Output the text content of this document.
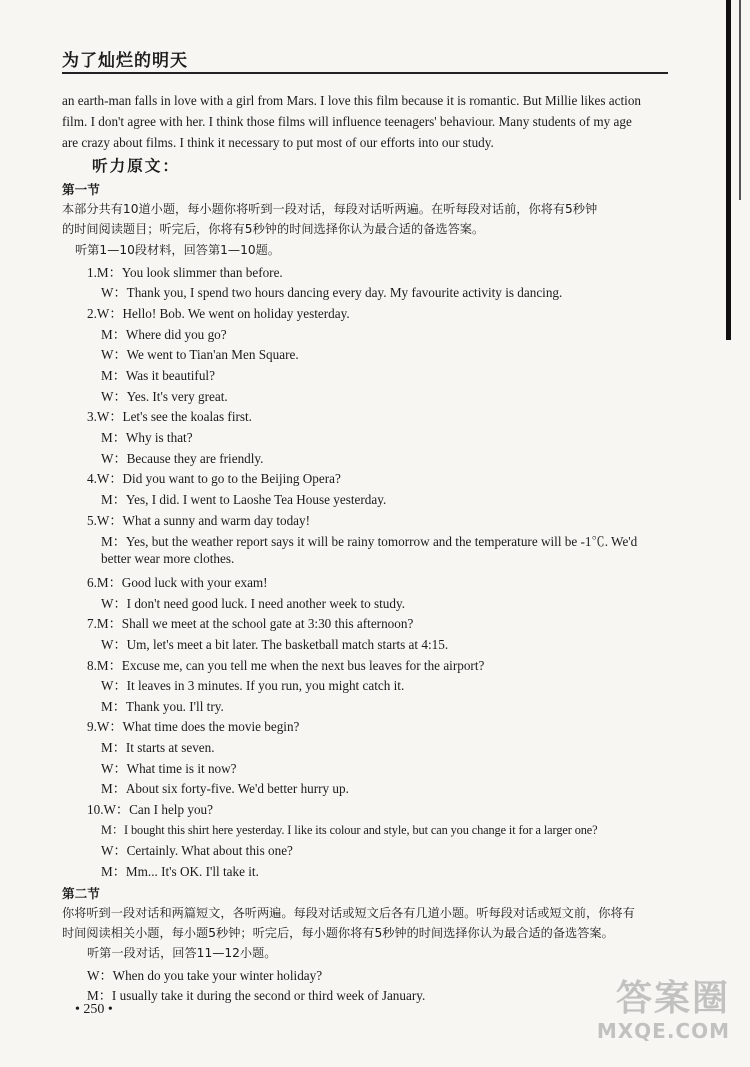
为了灿烂的明天
an earth-man falls in love with a girl from Mars. I love this film because it is romantic. But Millie likes action
film. I don't agree with her. I think those films will influence teenagers' behaviour. Many students of my age
are crazy about films. I think it necessary to put most of our efforts into our study.
听力原文：
第一节
本部分共有10道小题，每小题你将听到一段对话，每段对话听两遍。在听每段对话前，你将有5秒钟
的时间阅读题目；听完后，你将有5秒钟的时间选择你认为最合适的备选答案。
听第1—10段材料，回答第1—10题。
1.M：You look slimmer than before.
W：Thank you, I spend two hours dancing every day. My favourite activity is dancing.
2.W：Hello! Bob. We went on holiday yesterday.
M：Where did you go?
W：We went to Tian'an Men Square.
M：Was it beautiful?
W：Yes. It's very great.
3.W：Let's see the koalas first.
M：Why is that?
W：Because they are friendly.
4.W：Did you want to go to the Beijing Opera?
M：Yes, I did. I went to Laoshe Tea House yesterday.
5.W：What a sunny and warm day today!
M：Yes, but the weather report says it will be rainy tomorrow and the temperature will be -1℃. We'd
better wear more clothes.
6.M：Good luck with your exam!
W：I don't need good luck. I need another week to study.
7.M：Shall we meet at the school gate at 3:30 this afternoon?
W：Um, let's meet a bit later. The basketball match starts at 4:15.
8.M：Excuse me, can you tell me when the next bus leaves for the airport?
W：It leaves in 3 minutes. If you run, you might catch it.
M：Thank you. I'll try.
9.W：What time does the movie begin?
M：It starts at seven.
W：What time is it now?
M：About six forty-five. We'd better hurry up.
10.W：Can I help you?
M：I bought this shirt here yesterday. I like its colour and style, but can you change it for a larger one?
W：Certainly. What about this one?
M：Mm... It's OK. I'll take it.
第二节
你将听到一段对话和两篇短文，各听两遍。每段对话或短文后各有几道小题。听每段对话或短文前，你将有
时间阅读相关小题，每小题5秒钟；听完后，每小题你将有5秒钟的时间选择你认为最合适的备选答案。
听第一段对话，回答11—12小题。
W：When do you take your winter holiday?
M：I usually take it during the second or third week of January.
• 250 •	答案圈
MXQE.COM
